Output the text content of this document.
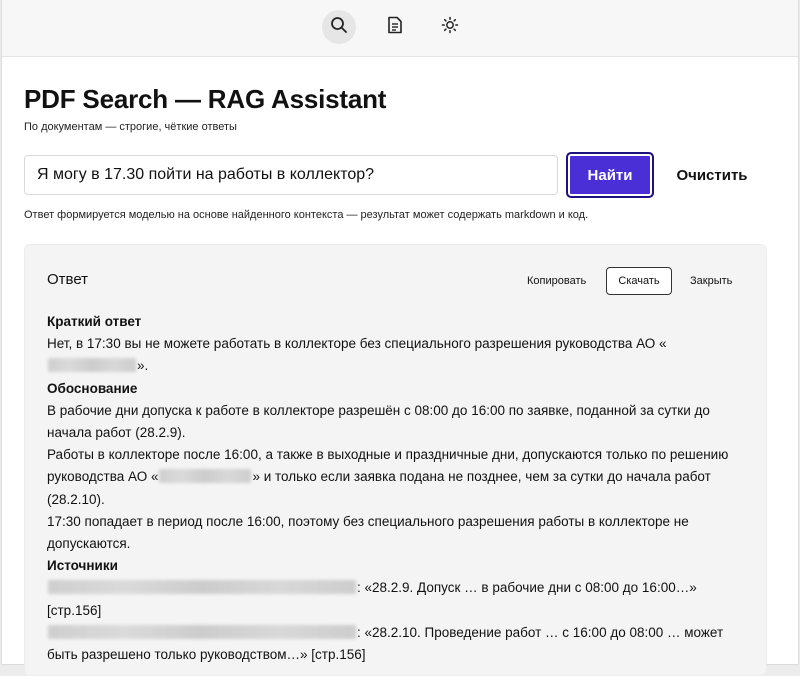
PDF Search — RAG Assistant
По документам — строгие, чёткие ответы
Я могу в 17.30 пойти на работы в коллектор?
Найти	Очистить
Ответ формируется моделью на основе найденного контекста — результат может содержать markdown и код.
Ответ	Копировать	Скачать	Закрыть

Краткий ответ

Нет, в 17:30 вы не можете работать в коллекторе без специального разрешения руководства АО «».

Обоснование

В рабочие дни допуска к работе в коллекторе разрешён с 08:00 до 16:00 по заявке, поданной за сутки до начала работ (28.2.9).

Работы в коллекторе после 16:00, а также в выходные и праздничные дни, допускаются только по решению руководства АО «	» и только если заявка подана не позднее, чем за сутки до начала работ (28.2.10).

17:30 попадает в период после 16:00, поэтому без специального разрешения работы в коллекторе не допускаются.

Источники

: «28.2.9. Допуск … в рабочие дни с 08:00 до 16:00…»
[стр.156]

: «28.2.10. Проведение работ … с 16:00 до 08:00 … может быть разрешено только руководством…» [стр.156]
